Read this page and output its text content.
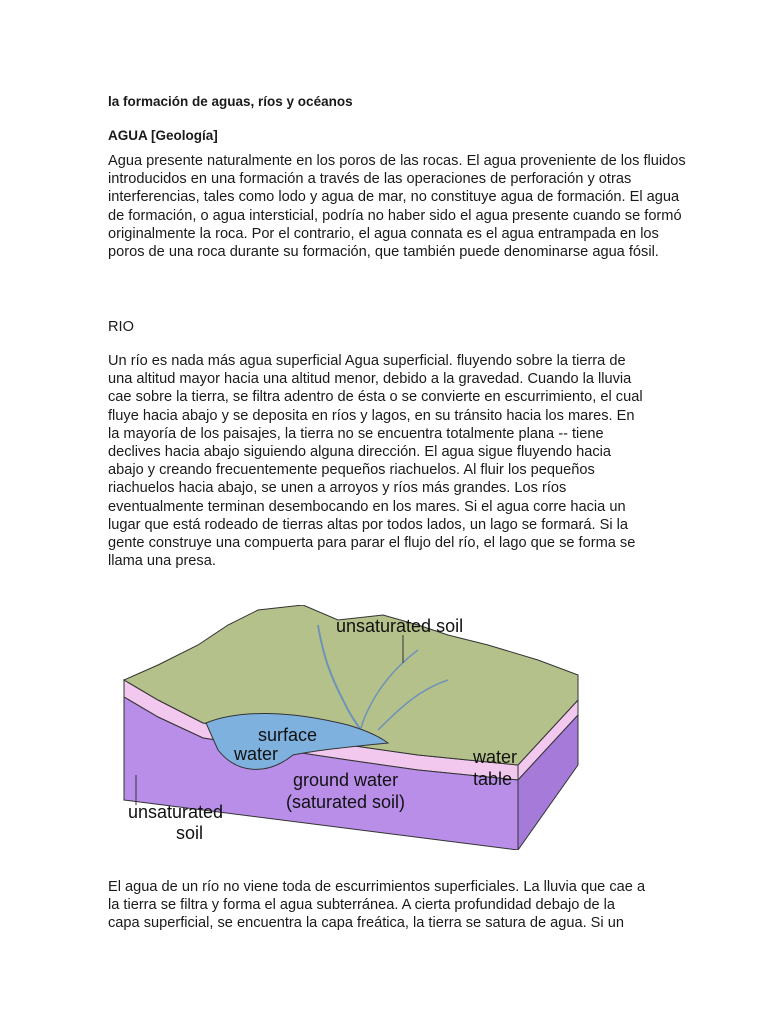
la formación de aguas, ríos y océanos

AGUA [Geología]

Agua presente naturalmente en los poros de las rocas. El agua proveniente de los fluidos
introducidos en una formación a través de las operaciones de perforación y otras
interferencias, tales como lodo y agua de mar, no constituye agua de formación. El agua
de formación, o agua intersticial, podría no haber sido el agua presente cuando se formó
originalmente la roca. Por el contrario, el agua connata es el agua entrampada en los
poros de una roca durante su formación, que también puede denominarse agua fósil.

RIO

Un río es nada más agua superficial Agua superficial. fluyendo sobre la tierra de
una altitud mayor hacia una altitud menor, debido a la gravedad. Cuando la lluvia
cae sobre la tierra, se filtra adentro de ésta o se convierte en escurrimiento, el cual
fluye hacia abajo y se deposita en ríos y lagos, en su tránsito hacia los mares. En
la mayoría de los paisajes, la tierra no se encuentra totalmente plana -- tiene
declives hacia abajo siguiendo alguna dirección. El agua sigue fluyendo hacia
abajo y creando frecuentemente pequeños riachuelos. Al fluir los pequeños
riachuelos hacia abajo, se unen a arroyos y ríos más grandes. Los ríos
eventualmente terminan desembocando en los mares. Si el agua corre hacia un
lugar que está rodeado de tierras altas por todos lados, un lago se formará. Si la
gente construye una compuerta para parar el flujo del río, el lago que se forma se
llama una presa.
unsaturated soil
surface
water	water
table
ground water
(saturated soil)
unsaturated
soil
El agua de un río no viene toda de escurrimientos superficiales. La lluvia que cae a
la tierra se filtra y forma el agua subterránea. A cierta profundidad debajo de la
capa superficial, se encuentra la capa freática, la tierra se satura de agua. Si un
